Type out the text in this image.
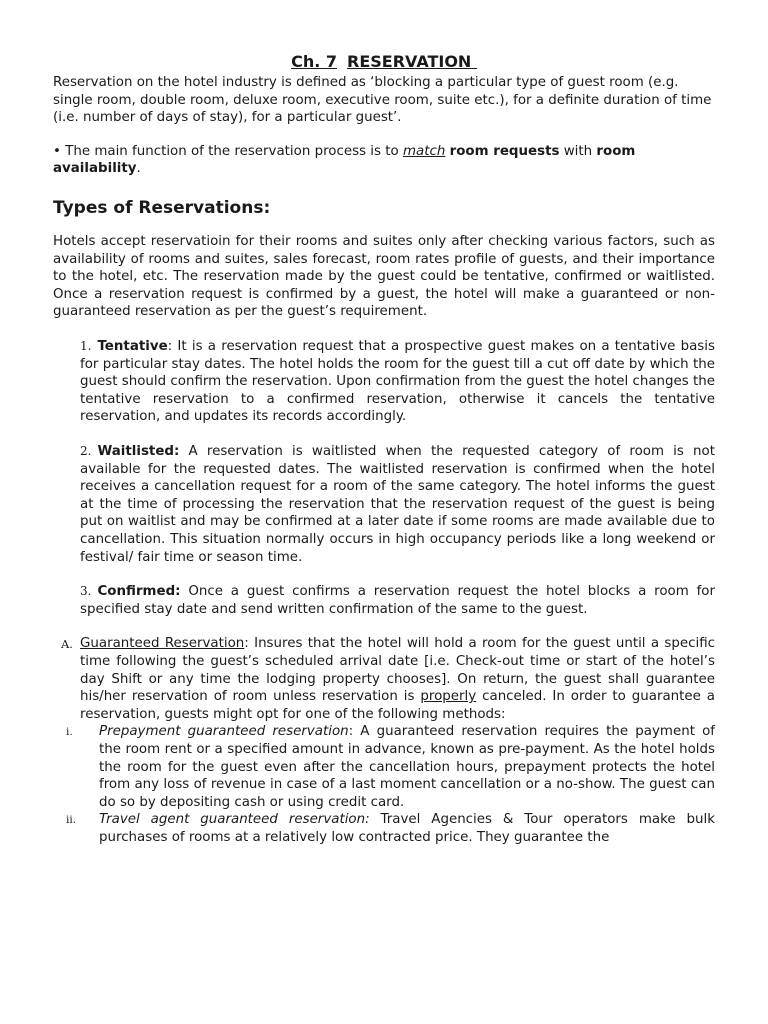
Ch. 7 RESERVATION

Reservation on the hotel industry is defined as ‘blocking a particular type of guest room (e.g. single room, double room, deluxe room, executive room, suite etc.), for a definite duration of time (i.e. number of days of stay), for a particular guest’.

• The main function of the reservation process is to match room requests with room availability.

Types of Reservations:

Hotels accept reservatioin for their rooms and suites only after checking various factors, such as availability of rooms and suites, sales forecast, room rates profile of guests, and their importance to the hotel, etc. The reservation made by the guest could be tentative, confirmed or waitlisted. Once a reservation request is confirmed by a guest, the hotel will make a guaranteed or non-guaranteed reservation as per the guest’s requirement.

1. Tentative: It is a reservation request that a prospective guest makes on a tentative basis for particular stay dates. The hotel holds the room for the guest till a cut off date by which the guest should confirm the reservation. Upon confirmation from the guest the hotel changes the tentative reservation to a confirmed reservation, otherwise it cancels the tentative reservation, and updates its records accordingly.
2. Waitlisted: A reservation is waitlisted when the requested category of room is not available for the requested dates. The waitlisted reservation is confirmed when the hotel receives a cancellation request for a room of the same category. The hotel informs the guest at the time of processing the reservation that the reservation request of the guest is being put on waitlist and may be confirmed at a later date if some rooms are made available due to cancellation. This situation normally occurs in high occupancy periods like a long weekend or festival/ fair time or season time.
3. Confirmed: Once a guest confirms a reservation request the hotel blocks a room for specified stay date and send written confirmation of the same to the guest.
A. Guaranteed Reservation: Insures that the hotel will hold a room for the guest until a specific time following the guest’s scheduled arrival date [i.e. Check-out time or start of the hotel’s day Shift or any time the lodging property chooses]. On return, the guest shall guarantee his/her reservation of room unless reservation is properly canceled. In order to guarantee a reservation, guests might opt for one of the following methods:
i. Prepayment guaranteed reservation: A guaranteed reservation requires the payment of the room rent or a specified amount in advance, known as pre-payment. As the hotel holds the room for the guest even after the cancellation hours, prepayment protects the hotel from any loss of revenue in case of a last moment cancellation or a no-show. The guest can do so by depositing cash or using credit card.
ii. Travel agent guaranteed reservation: Travel Agencies & Tour operators make bulk purchases of rooms at a relatively low contracted price. They guarantee the
